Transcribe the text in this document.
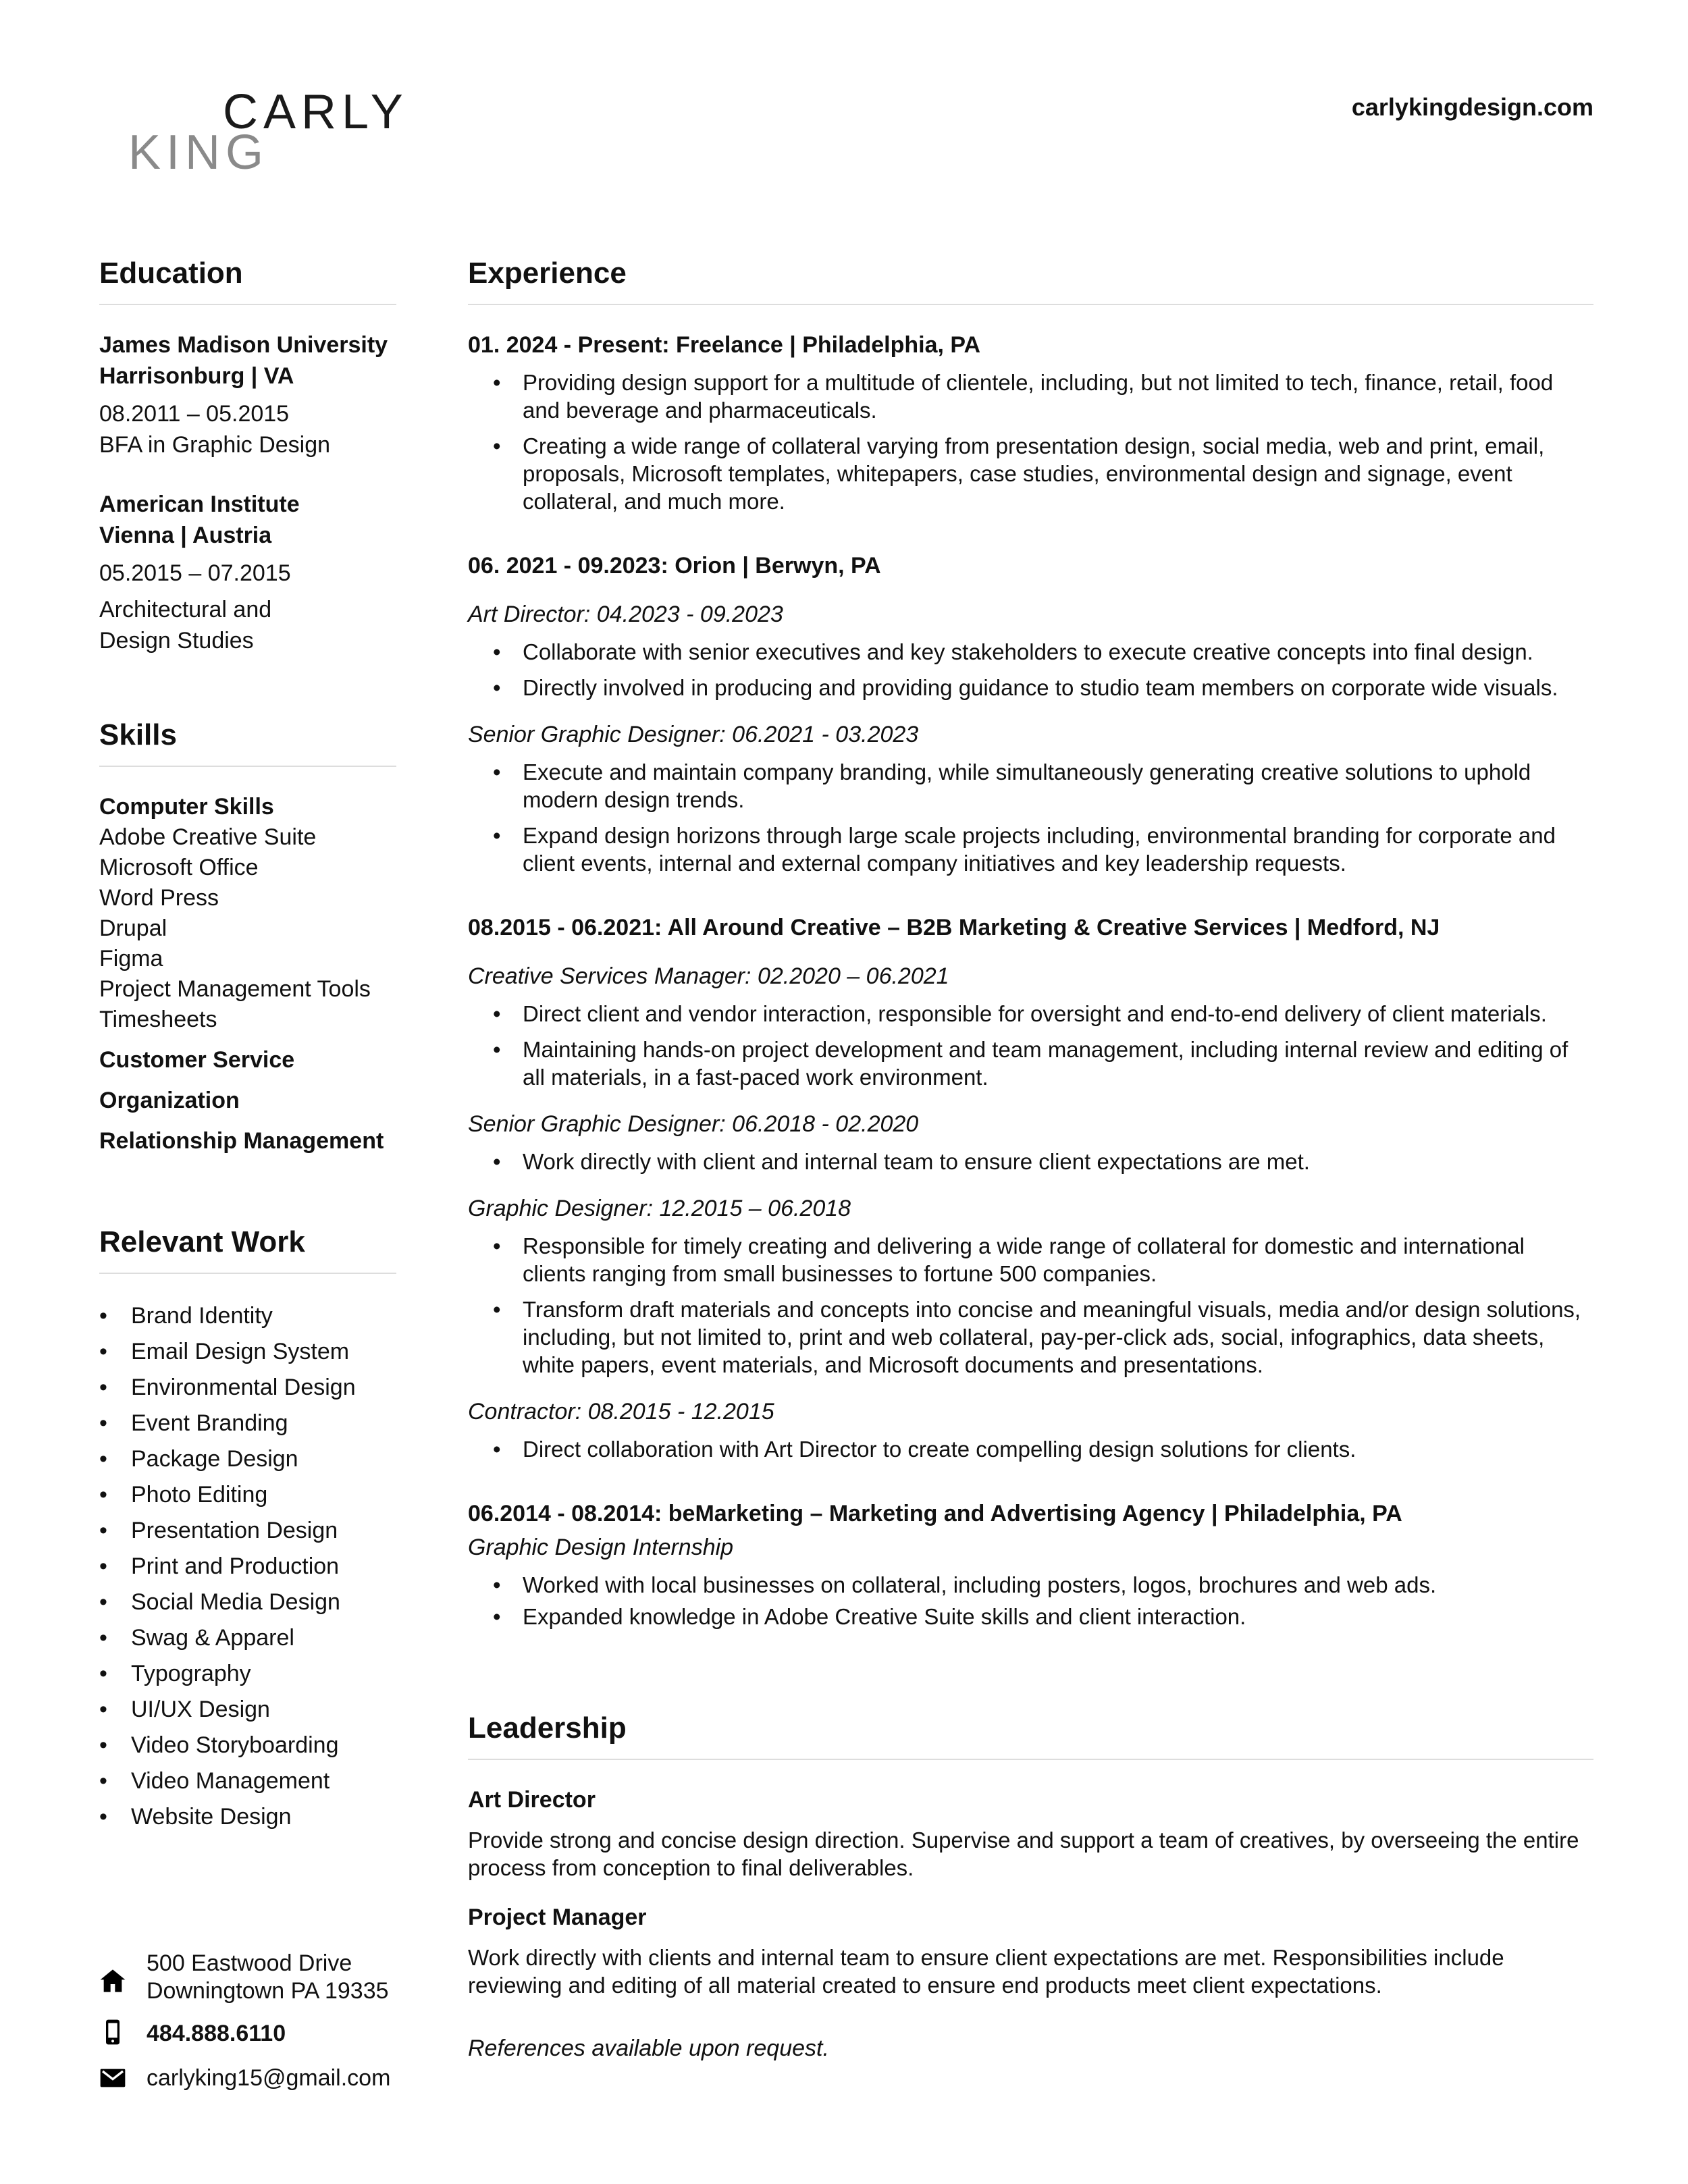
CARLY
KING
carlykingdesign.com
Education
James Madison University
Harrisonburg | VA
08.2011 – 05.2015
BFA in Graphic Design
American Institute
Vienna | Austria
05.2015 – 07.2015
Architectural and
Design Studies
Skills
Computer Skills
Adobe Creative Suite
Microsoft Office
Word Press
Drupal
Figma
Project Management Tools
Timesheets
Customer Service
Organization
Relationship Management
Relevant Work
• Brand Identity
• Email Design System
• Environmental Design
• Event Branding
• Package Design
• Photo Editing
• Presentation Design
• Print and Production
• Social Media Design
• Swag & Apparel
• Typography
• UI/UX Design
• Video Storyboarding
• Video Management
• Website Design
500 Eastwood Drive
Downingtown PA 19335
484.888.6110
carlyking15@gmail.com
Experience
01. 2024 - Present: Freelance | Philadelphia, PA
• Providing design support for a multitude of clientele, including, but not limited to tech, finance, retail, food and beverage and pharmaceuticals.
• Creating a wide range of collateral varying from presentation design, social media, web and print, email, proposals, Microsoft templates, whitepapers, case studies, environmental design and signage, event collateral, and much more.
06. 2021 - 09.2023: Orion | Berwyn, PA
Art Director: 04.2023 - 09.2023
• Collaborate with senior executives and key stakeholders to execute creative concepts into final design.
• Directly involved in producing and providing guidance to studio team members on corporate wide visuals.
Senior Graphic Designer: 06.2021 - 03.2023
• Execute and maintain company branding, while simultaneously generating creative solutions to uphold modern design trends.
• Expand design horizons through large scale projects including, environmental branding for corporate and client events, internal and external company initiatives and key leadership requests.
08.2015 - 06.2021: All Around Creative – B2B Marketing & Creative Services | Medford, NJ
Creative Services Manager: 02.2020 – 06.2021
• Direct client and vendor interaction, responsible for oversight and end-to-end delivery of client materials.
• Maintaining hands-on project development and team management, including internal review and editing of all materials, in a fast-paced work environment.
Senior Graphic Designer: 06.2018 - 02.2020
• Work directly with client and internal team to ensure client expectations are met.
Graphic Designer: 12.2015 – 06.2018
• Responsible for timely creating and delivering a wide range of collateral for domestic and international clients ranging from small businesses to fortune 500 companies.
• Transform draft materials and concepts into concise and meaningful visuals, media and/or design solutions, including, but not limited to, print and web collateral, pay-per-click ads, social, infographics, data sheets, white papers, event materials, and Microsoft documents and presentations.
Contractor: 08.2015 - 12.2015
• Direct collaboration with Art Director to create compelling design solutions for clients.
06.2014 - 08.2014: beMarketing – Marketing and Advertising Agency | Philadelphia, PA
Graphic Design Internship
• Worked with local businesses on collateral, including posters, logos, brochures and web ads.
• Expanded knowledge in Adobe Creative Suite skills and client interaction.
Leadership
Art Director
Provide strong and concise design direction. Supervise and support a team of creatives, by overseeing the entire process from conception to final deliverables.
Project Manager
Work directly with clients and internal team to ensure client expectations are met. Responsibilities include reviewing and editing of all material created to ensure end products meet client expectations.
References available upon request.
